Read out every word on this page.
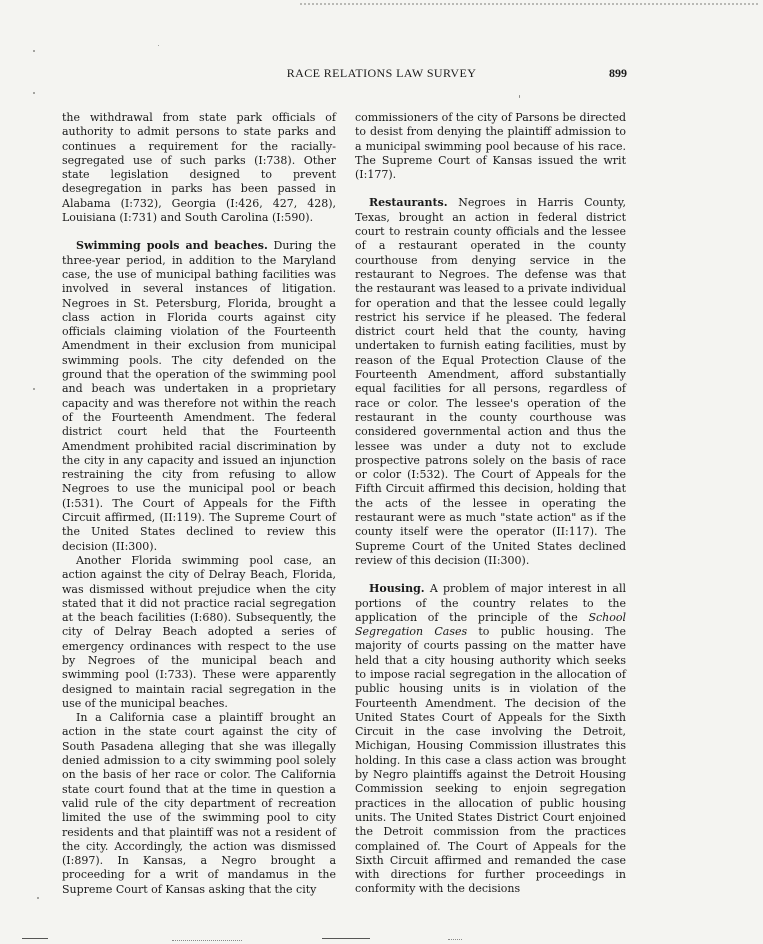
RACE RELATIONS LAW SURVEY	899

the withdrawal from state park officials of authority to admit persons to state parks and continues a requirement for the racially-segregated use of such parks (I:738). Other state legislation designed to prevent desegregation in parks has been passed in Alabama (I:732), Georgia (I:426, 427, 428), Louisiana (I:731) and South Carolina (I:590).

Swimming pools and beaches. During the three-year period, in addition to the Maryland case, the use of municipal bathing facilities was involved in several instances of litigation. Negroes in St. Petersburg, Florida, brought a class action in Florida courts against city officials claiming violation of the Fourteenth Amendment in their exclusion from municipal swimming pools. The city defended on the ground that the operation of the swimming pool and beach was undertaken in a proprietary capacity and was therefore not within the reach of the Fourteenth Amendment. The federal district court held that the Fourteenth Amendment prohibited racial discrimination by the city in any capacity and issued an injunction restraining the city from refusing to allow Negroes to use the municipal pool or beach (I:531). The Court of Appeals for the Fifth Circuit affirmed, (II:119). The Supreme Court of the United States declined to review this decision (II:300).

Another Florida swimming pool case, an action against the city of Delray Beach, Florida, was dismissed without prejudice when the city stated that it did not practice racial segregation at the beach facilities (I:680). Subsequently, the city of Delray Beach adopted a series of emergency ordinances with respect to the use by Negroes of the municipal beach and swimming pool (I:733). These were apparently designed to maintain racial segregation in the use of the municipal beaches.

In a California case a plaintiff brought an action in the state court against the city of South Pasadena alleging that she was illegally denied admission to a city swimming pool solely on the basis of her race or color. The California state court found that at the time in question a valid rule of the city department of recreation limited the use of the swimming pool to city residents and that plaintiff was not a resident of the city. Accordingly, the action was dismissed (I:897). In Kansas, a Negro brought a proceeding for a writ of mandamus in the Supreme Court of Kansas asking that the city

commissioners of the city of Parsons be directed to desist from denying the plaintiff admission to a municipal swimming pool because of his race. The Supreme Court of Kansas issued the writ (I:177).

Restaurants. Negroes in Harris County, Texas, brought an action in federal district court to restrain county officials and the lessee of a restaurant operated in the county courthouse from denying service in the restaurant to Negroes. The defense was that the restaurant was leased to a private individual for operation and that the lessee could legally restrict his service if he pleased. The federal district court held that the county, having undertaken to furnish eating facilities, must by reason of the Equal Protection Clause of the Fourteenth Amendment, afford substantially equal facilities for all persons, regardless of race or color. The lessee's operation of the restaurant in the county courthouse was considered governmental action and thus the lessee was under a duty not to exclude prospective patrons solely on the basis of race or color (I:532). The Court of Appeals for the Fifth Circuit affirmed this decision, holding that the acts of the lessee in operating the restaurant were as much "state action" as if the county itself were the operator (II:117). The Supreme Court of the United States declined review of this decision (II:300).

Housing. A problem of major interest in all portions of the country relates to the application of the principle of the School Segregation Cases to public housing. The majority of courts passing on the matter have held that a city housing authority which seeks to impose racial segregation in the allocation of public housing units is in violation of the Fourteenth Amendment. The decision of the United States Court of Appeals for the Sixth Circuit in the case involving the Detroit, Michigan, Housing Commission illustrates this holding. In this case a class action was brought by Negro plaintiffs against the Detroit Housing Commission seeking to enjoin segregation practices in the allocation of public housing units. The United States District Court enjoined the Detroit commission from the practices complained of. The Court of Appeals for the Sixth Circuit affirmed and remanded the case with directions for further proceedings in conformity with the decisions
